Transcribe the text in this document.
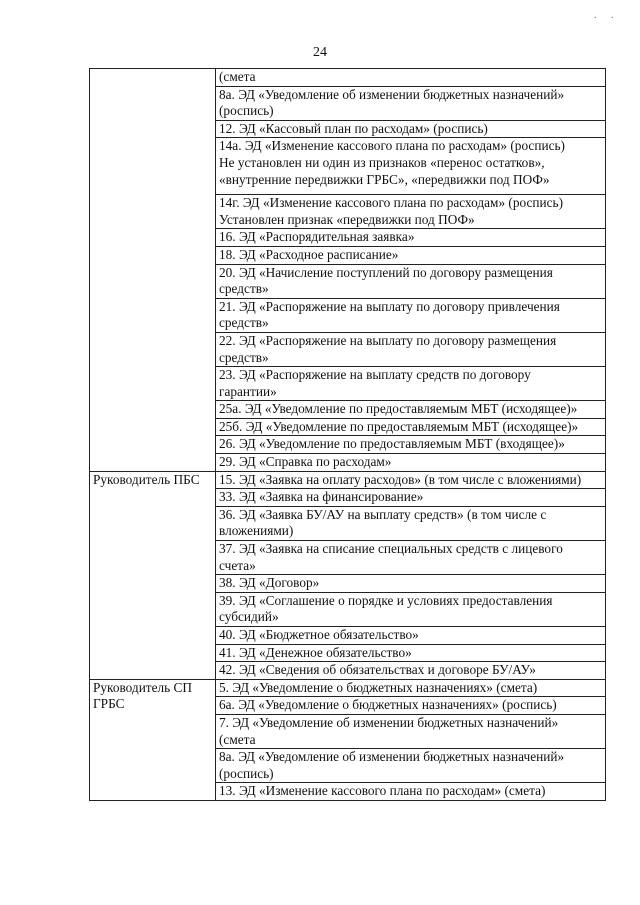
. .
24

	(смета

	8а. ЭД «Уведомление об изменении бюджетных назначений»
(роспись)

	12. ЭД «Кассовый план по расходам» (роспись)

	14а. ЭД «Изменение кассового плана по расходам» (роспись)
Не установлен ни один из признаков «перенос остатков»,
«внутренние передвижки ГРБС», «передвижки под ПОФ»

	14г. ЭД «Изменение кассового плана по расходам» (роспись)
Установлен признак «передвижки под ПОФ»

	16. ЭД «Распорядительная заявка»

	18. ЭД «Расходное расписание»

	20. ЭД «Начисление поступлений по договору размещения
средств»

	21. ЭД «Распоряжение на выплату по договору привлечения
средств»

	22. ЭД «Распоряжение на выплату по договору размещения
средств»

	23. ЭД «Распоряжение на выплату средств по договору
гарантии»

	25а. ЭД «Уведомление по предоставляемым МБТ (исходящее)»

	25б. ЭД «Уведомление по предоставляемым МБТ (исходящее)»

	26. ЭД «Уведомление по предоставляемым МБТ (входящее)»

	29. ЭД «Справка по расходам»

Руководитель ПБС	15. ЭД «Заявка на оплату расходов» (в том числе с вложениями)

	33. ЭД «Заявка на финансирование»

	36. ЭД «Заявка БУ/АУ на выплату средств» (в том числе с
вложениями)

	37. ЭД «Заявка на списание специальных средств с лицевого
счета»

	38. ЭД «Договор»

	39. ЭД «Соглашение о порядке и условиях предоставления
субсидий»

	40. ЭД «Бюджетное обязательство»

	41. ЭД «Денежное обязательство»

	42. ЭД «Сведения об обязательствах и договоре БУ/АУ»

Руководитель СП
ГРБС	5. ЭД «Уведомление о бюджетных назначениях» (смета)

	6а. ЭД «Уведомление о бюджетных назначениях» (роспись)

	7. ЭД «Уведомление об изменении бюджетных назначений»
(смета

	8а. ЭД «Уведомление об изменении бюджетных назначений»
(роспись)

	13. ЭД «Изменение кассового плана по расходам» (смета)
